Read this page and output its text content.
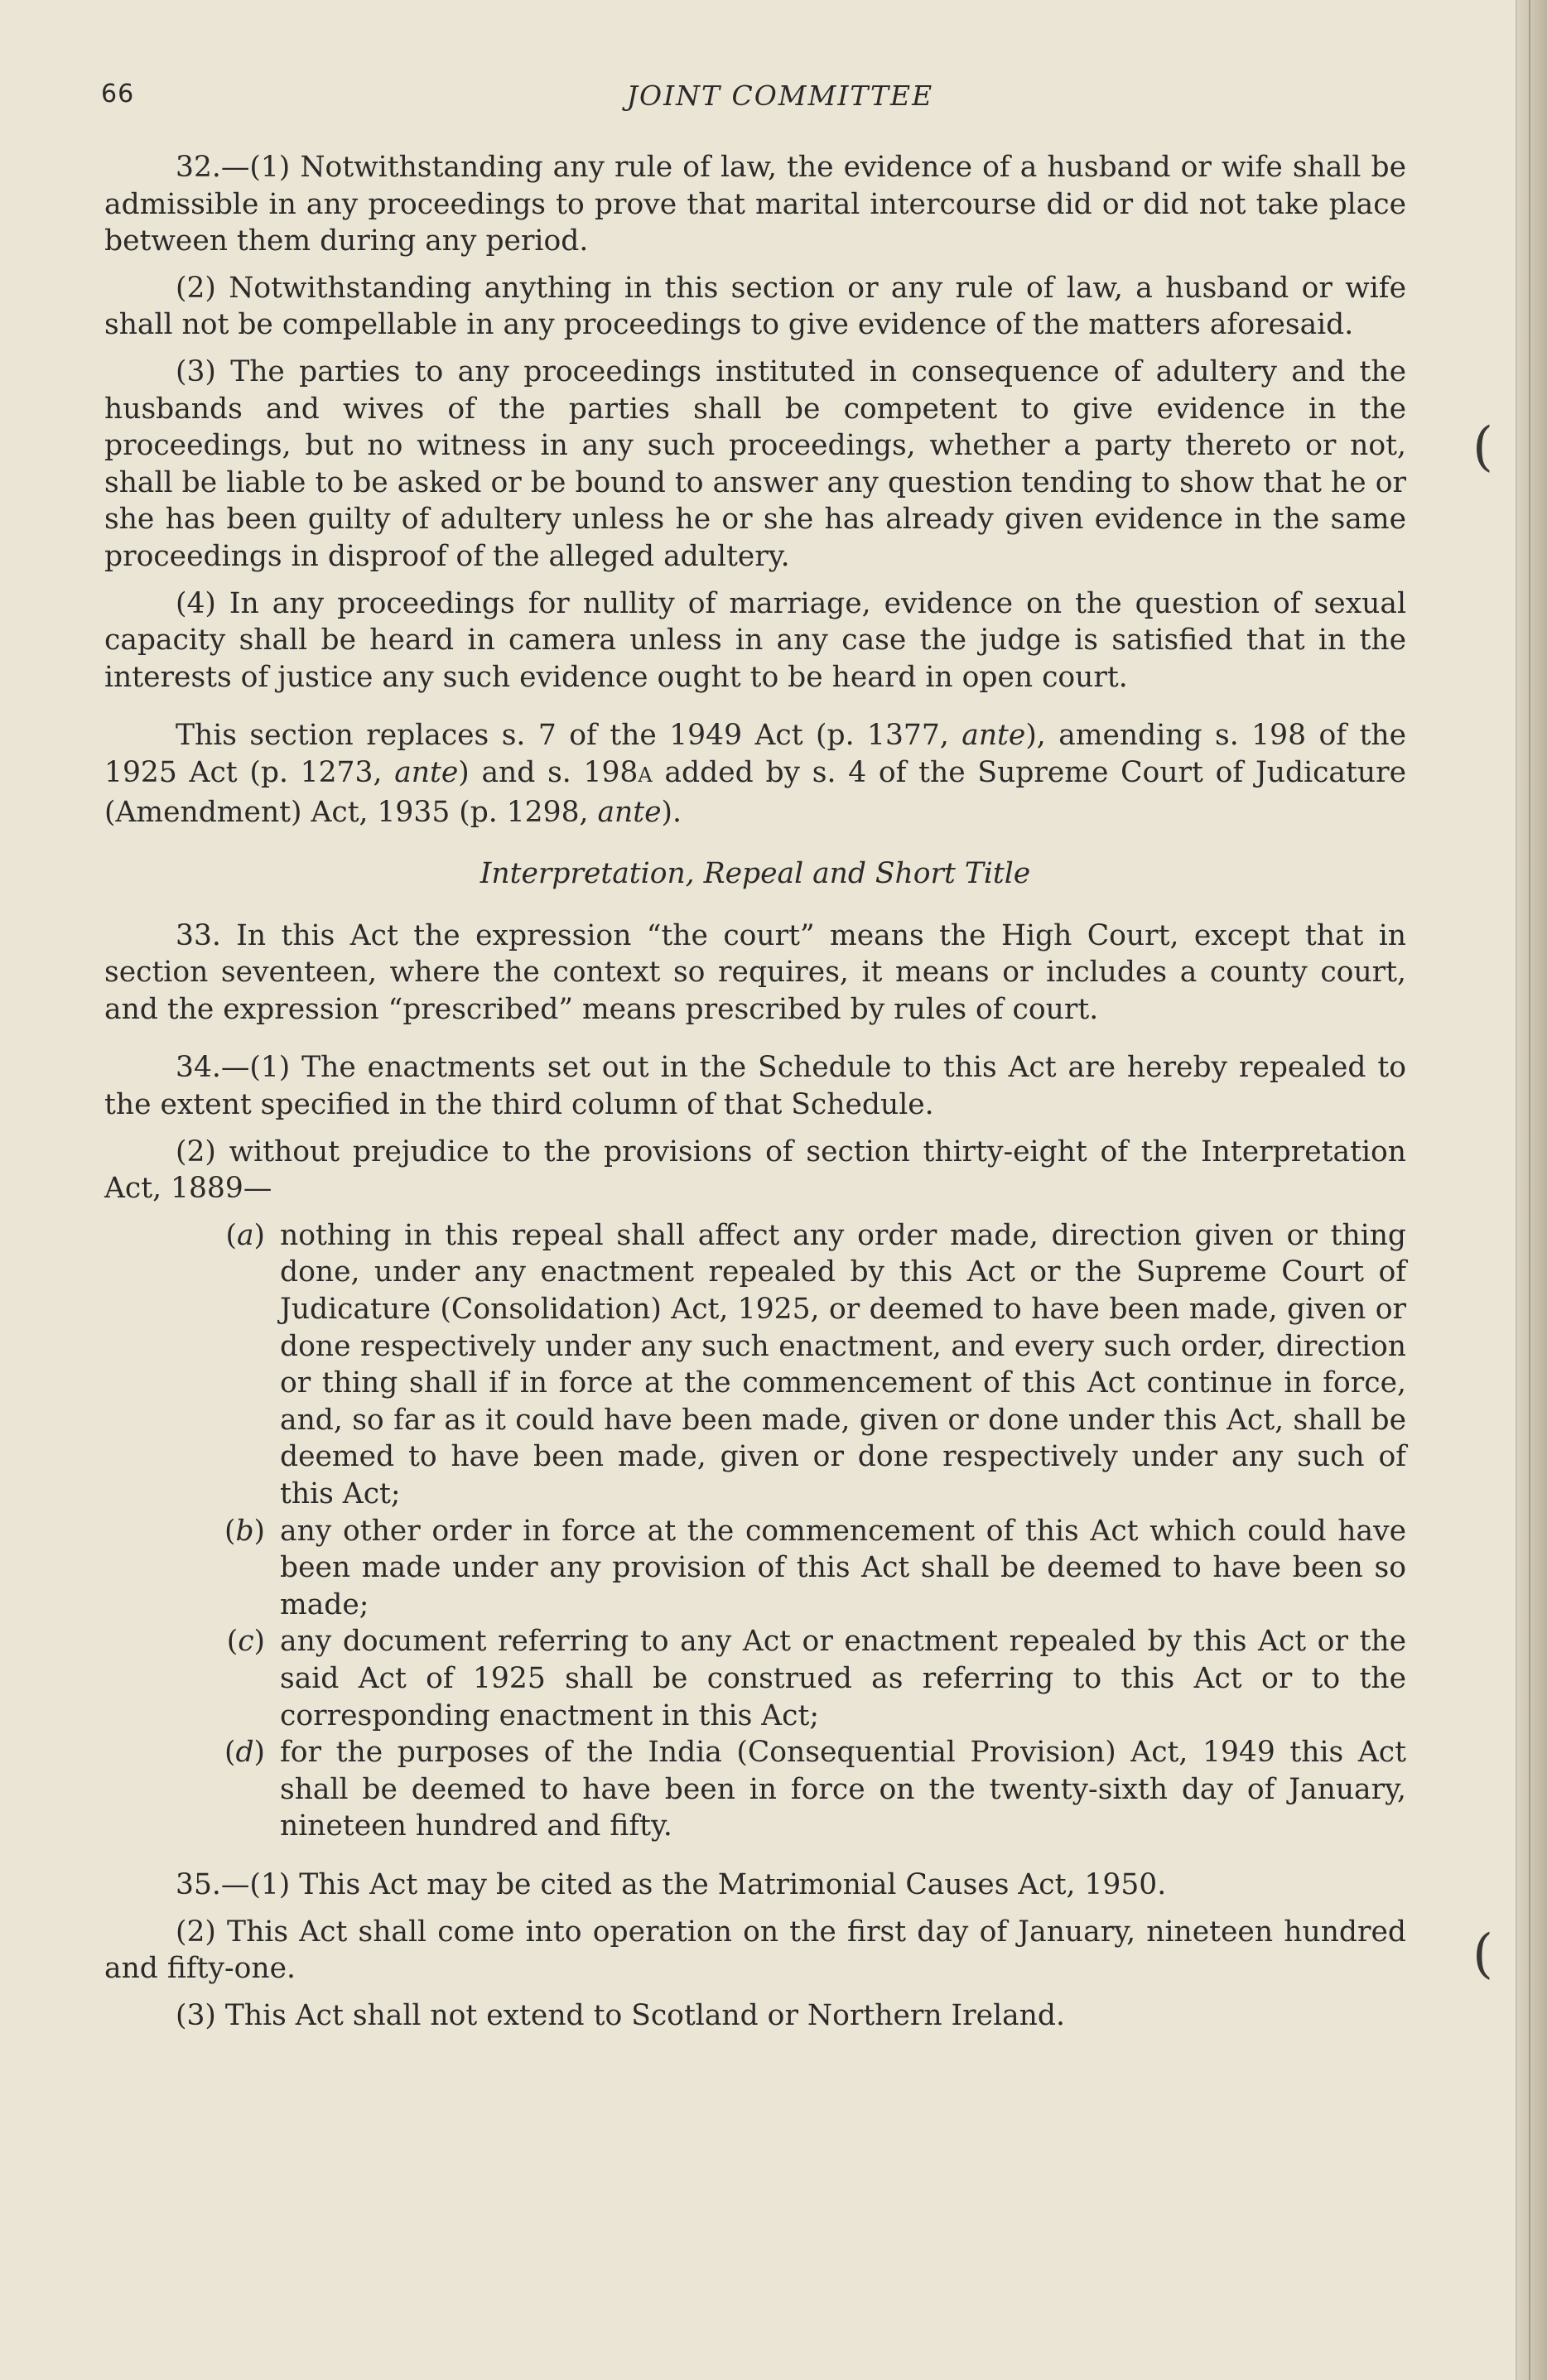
66	JOINT COMMITTEE

32.—(1) Notwithstanding any rule of law, the evidence of a husband or wife shall be admissible in any proceedings to prove that marital intercourse did or did not take place between them during any period.

(2) Notwithstanding anything in this section or any rule of law, a husband or wife shall not be compellable in any proceedings to give evidence of the matters aforesaid.

(3) The parties to any proceedings instituted in consequence of adultery and the husbands and wives of the parties shall be competent to give evidence in the proceedings, but no witness in any such proceedings, whether a party thereto or not, shall be liable to be asked or be bound to answer any question tending to show that he or she has been guilty of adultery unless he or she has already given evidence in the same proceedings in disproof of the alleged adultery.

(4) In any proceedings for nullity of marriage, evidence on the question of sexual capacity shall be heard in camera unless in any case the judge is satisfied that in the interests of justice any such evidence ought to be heard in open court.

This section replaces s. 7 of the 1949 Act (p. 1377, ante), amending s. 198 of the 1925 Act (p. 1273, ante) and s. 198A added by s. 4 of the Supreme Court of Judicature (Amendment) Act, 1935 (p. 1298, ante).

Interpretation, Repeal and Short Title

33. In this Act the expression “the court” means the High Court, except that in section seventeen, where the context so requires, it means or includes a county court, and the expression “prescribed” means prescribed by rules of court.

34.—(1) The enactments set out in the Schedule to this Act are hereby repealed to the extent specified in the third column of that Schedule.

(2) without prejudice to the provisions of section thirty-eight of the Interpretation Act, 1889—

(a) nothing in this repeal shall affect any order made, direction given or thing done, under any enactment repealed by this Act or the Supreme Court of Judicature (Consolidation) Act, 1925, or deemed to have been made, given or done respectively under any such enactment, and every such order, direction or thing shall if in force at the commencement of this Act continue in force, and, so far as it could have been made, given or done under this Act, shall be deemed to have been made, given or done respectively under any such of this Act;
(b) any other order in force at the commencement of this Act which could have been made under any provision of this Act shall be deemed to have been so made;
(c) any document referring to any Act or enactment repealed by this Act or the said Act of 1925 shall be construed as referring to this Act or to the corresponding enactment in this Act;
(d) for the purposes of the India (Consequential Provision) Act, 1949 this Act shall be deemed to have been in force on the twenty-sixth day of January, nineteen hundred and fifty.

35.—(1) This Act may be cited as the Matrimonial Causes Act, 1950.

(2) This Act shall come into operation on the first day of January, nineteen hundred and fifty-one.

(3) This Act shall not extend to Scotland or Northern Ireland.

(
(
